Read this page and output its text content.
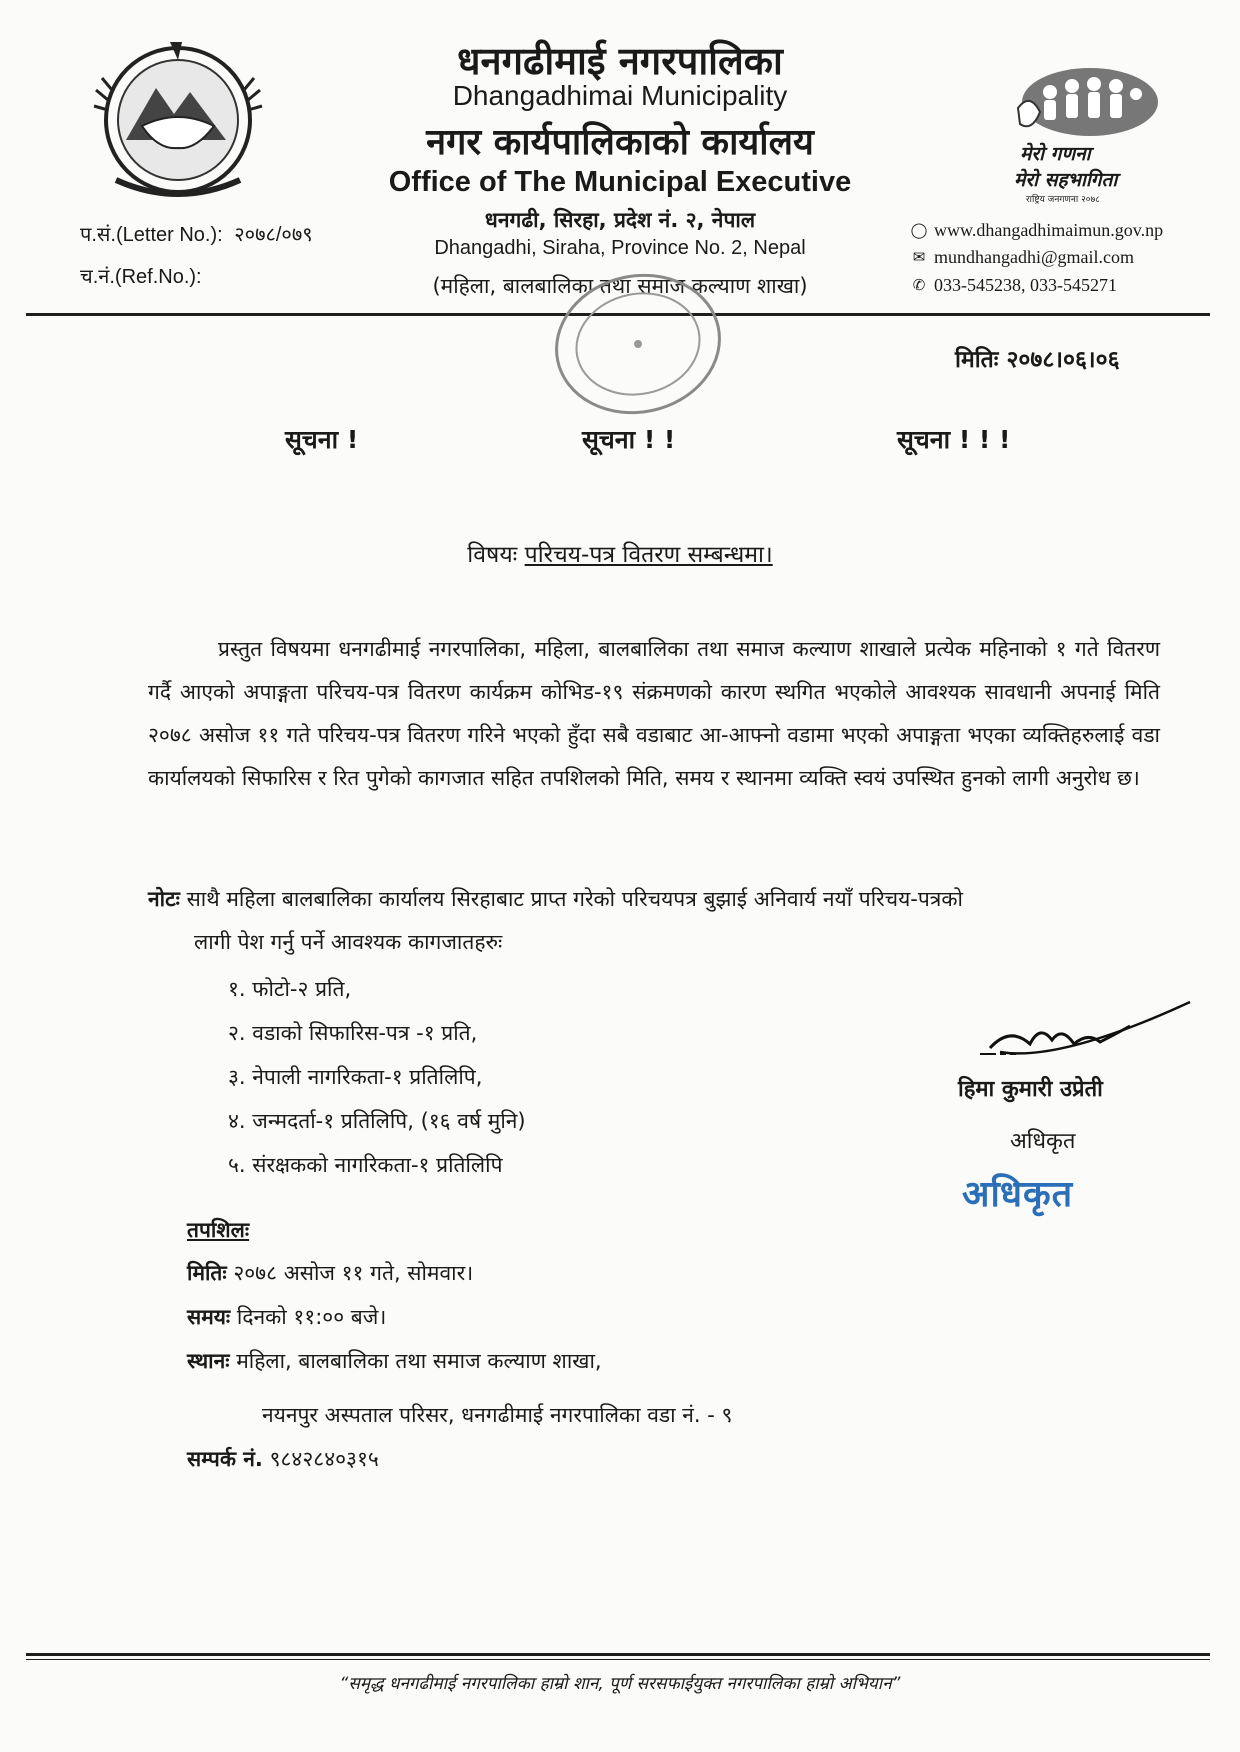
मेरो गणना
मेरो सहभागिता
राष्ट्रिय जनगणना २०७८
धनगढीमाई नगरपालिका
Dhangadhimai Municipality
नगर कार्यपालिकाको कार्यालय
Office of The Municipal Executive
धनगढी, सिरहा, प्रदेश नं. २, नेपाल
Dhangadhi, Siraha, Province No. 2, Nepal
(महिला, बालबालिका तथा समाज कल्याण शाखा)
प.सं.(Letter No.): २०७८/०७९
च.नं.(Ref.No.):
◯ www.dhangadhimaimun.gov.np
✉ mundhangadhi@gmail.com
✆ 033-545238, 033-545271
मितिः २०७८।०६।०६
सूचना !	सूचना ! !	सूचना ! ! !
विषयः परिचय-पत्र वितरण सम्बन्धमा।

प्रस्तुत विषयमा धनगढीमाई नगरपालिका, महिला, बालबालिका तथा समाज कल्याण शाखाले प्रत्येक महिनाको १ गते वितरण गर्दै आएको अपाङ्गता परिचय-पत्र वितरण कार्यक्रम कोभिड-१९ संक्रमणको कारण स्थगित भएकोले आवश्यक सावधानी अपनाई मिति २०७८ असोज ११ गते परिचय-पत्र वितरण गरिने भएको हुँदा सबै वडाबाट आ-आफ्नो वडामा भएको अपाङ्गता भएका व्यक्तिहरुलाई वडा कार्यालयको सिफारिस र रित पुगेको कागजात सहित तपशिलको मिति, समय र स्थानमा व्यक्ति स्वयं उपस्थित हुनको लागी अनुरोध छ।

नोटः साथै महिला बालबालिका कार्यालय सिरहाबाट प्राप्त गरेको परिचयपत्र बुझाई अनिवार्य नयाँ परिचय-पत्रको
लागी पेश गर्नु पर्ने आवश्यक कागजातहरुः
१. फोटो-२ प्रति,
२. वडाको सिफारिस-पत्र -१ प्रति,
३. नेपाली नागरिकता-१ प्रतिलिपि,
४. जन्मदर्ता-१ प्रतिलिपि, (१६ वर्ष मुनि)
५. संरक्षकको नागरिकता-१ प्रतिलिपि
हिमा कुमारी उप्रेती
अधिकृत
अधिकृत
तपशिलः
मितिः २०७८ असोज ११ गते, सोमवार।
समयः दिनको ११:०० बजे।
स्थानः महिला, बालबालिका तथा समाज कल्याण शाखा,
नयनपुर अस्पताल परिसर, धनगढीमाई नगरपालिका वडा नं. - ९
सम्पर्क नं. ९८४२८४०३१५
“समृद्ध धनगढीमाई नगरपालिका हाम्रो शान, पूर्ण सरसफाईयुक्त नगरपालिका हाम्रो अभियान”
